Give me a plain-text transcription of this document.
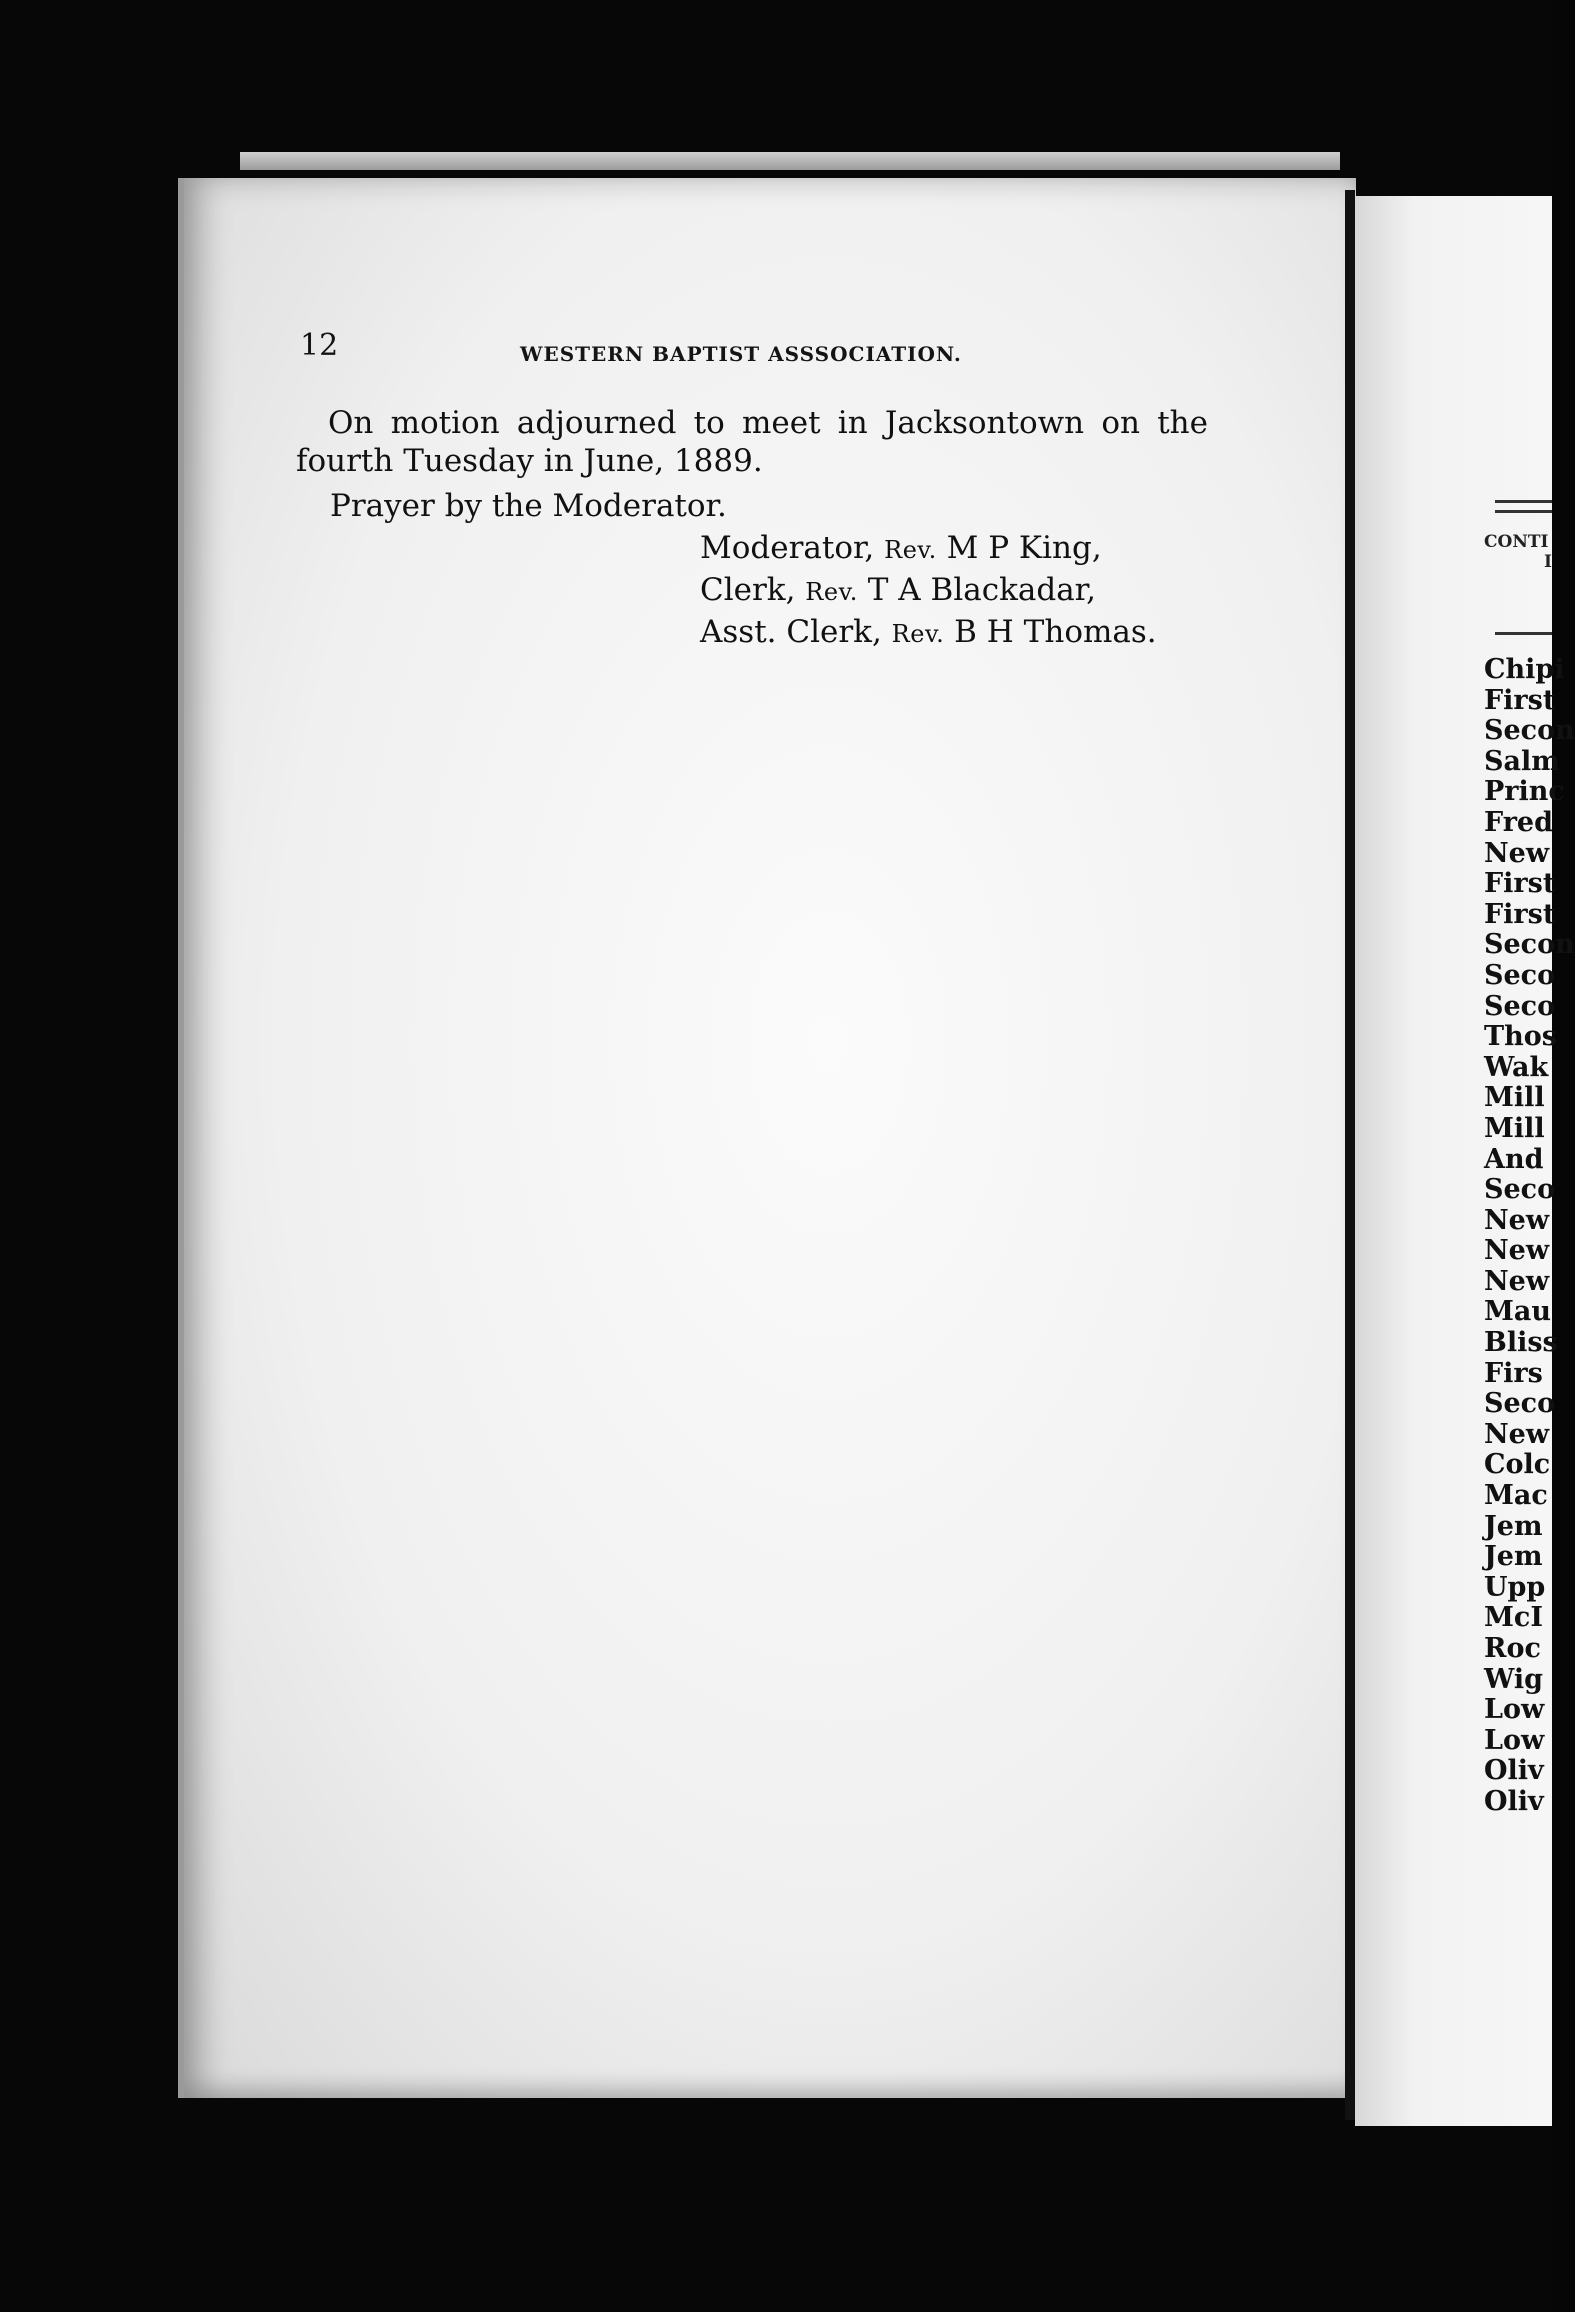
12	WESTERN BAPTIST ASSSOCIATION.
On motion adjourned to meet in Jacksontown on the fourth Tuesday in June, 1889.
Prayer by the Moderator.
Moderator, Rev. M P King,
Clerk, Rev. T A Blackadar,
Asst. Clerk, Rev. B H Thomas.
CONTI
I
Chipi
First
Secon
Salm
Princ
Fred
New
First
First
Secon
Seco
Seco
Thos
Wak
Mill
Mill
And
Seco
New
New
New
Mau
Bliss
Firs
Seco
New
Colc
Mac
Jem
Jem
Upp
McI
Roc
Wig
Low
Low
Oliv
Oliv
